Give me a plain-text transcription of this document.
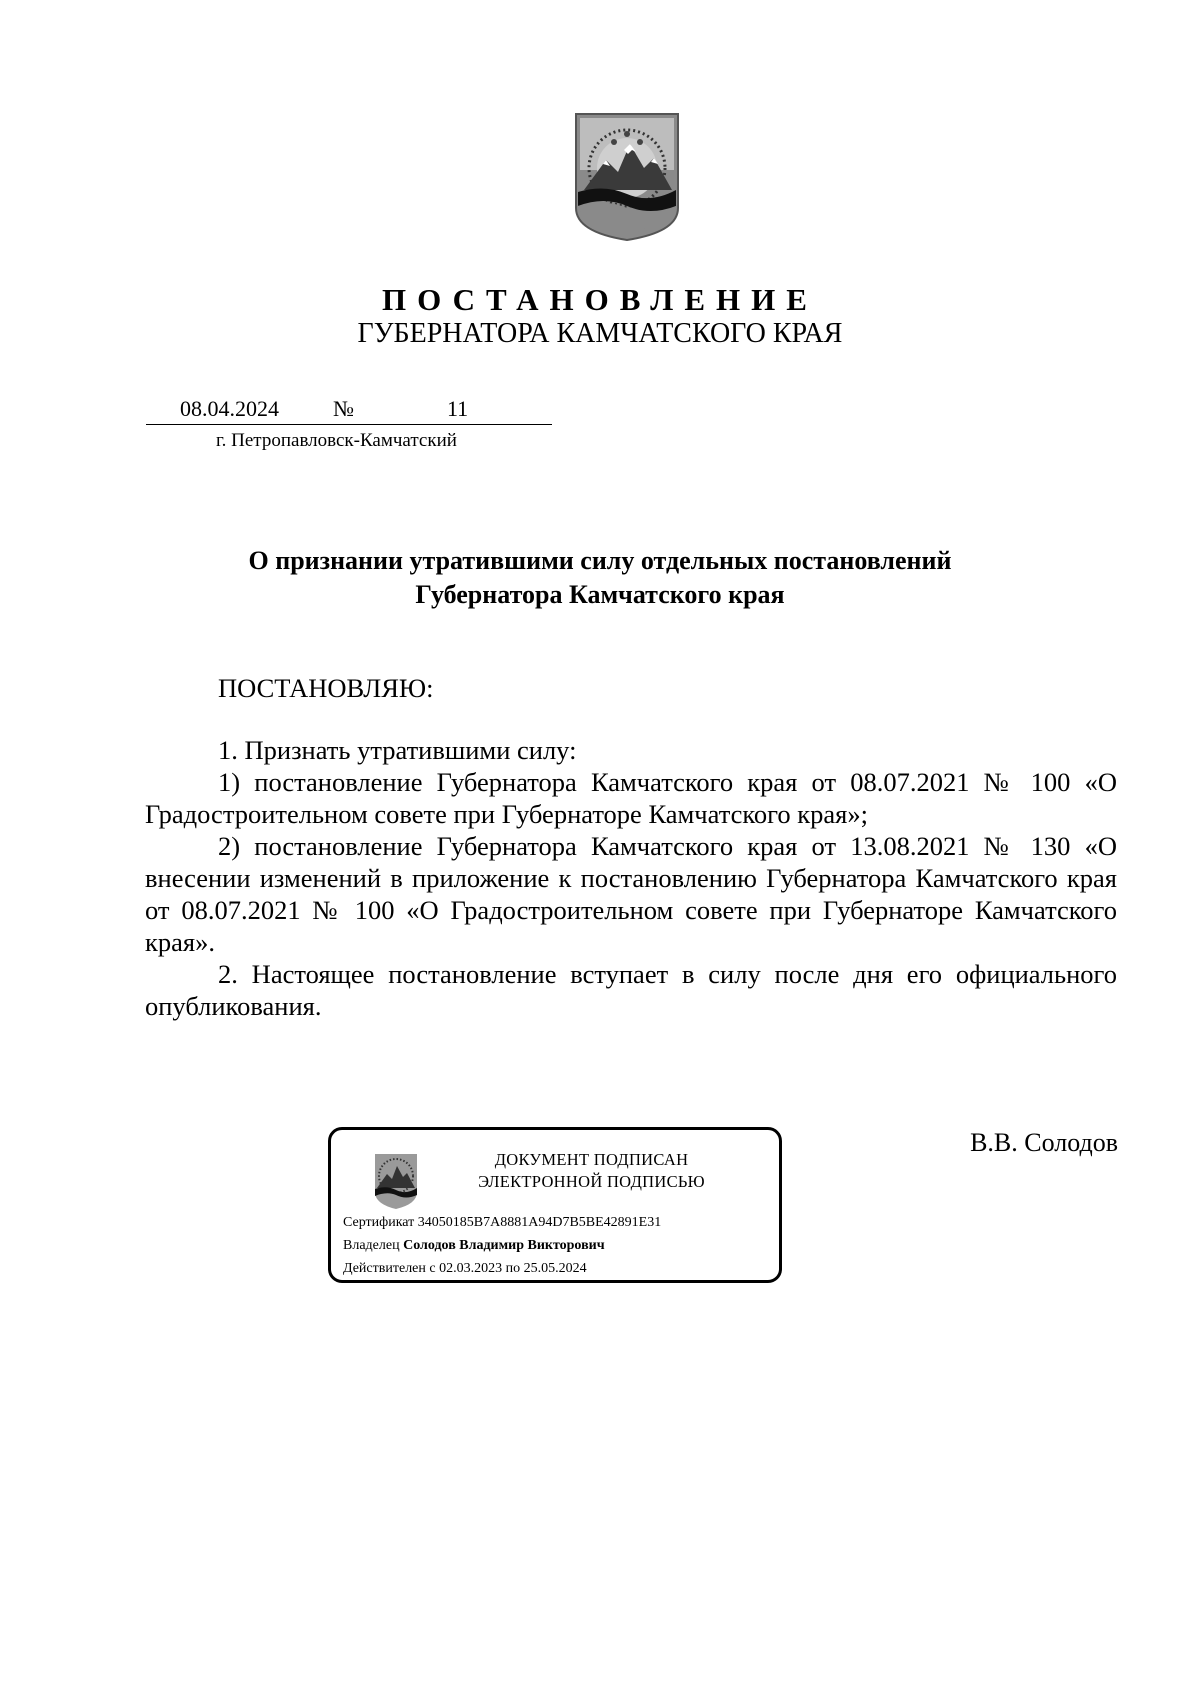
ПОСТАНОВЛЕНИЕ
ГУБЕРНАТОРА КАМЧАТСКОГО КРАЯ
08.04.2024 №	11
г. Петропавловск-Камчатский
О признании утратившими силу отдельных постановлений
Губернатора Камчатского края
ПОСТАНОВЛЯЮ:

1. Признать утратившими силу:

1) постановление Губернатора Камчатского края от 08.07.2021 № 100 «О Градостроительном совете при Губернаторе Камчатского края»;

2) постановление Губернатора Камчатского края от 13.08.2021 № 130 «О внесении изменений в приложение к постановлению Губернатора Камчатского края от 08.07.2021 № 100 «О Градостроительном совете при Губернаторе Камчатского края».

2. Настоящее постановление вступает в силу после дня его официального опубликования.

ДОКУМЕНТ ПОДПИСАН
ЭЛЕКТРОННОЙ ПОДПИСЬЮ
Сертификат 34050185B7A8881A94D7B5BE42891E31
Владелец Солодов Владимир Викторович
Действителен с 02.03.2023 по 25.05.2024
В.В. Солодов
